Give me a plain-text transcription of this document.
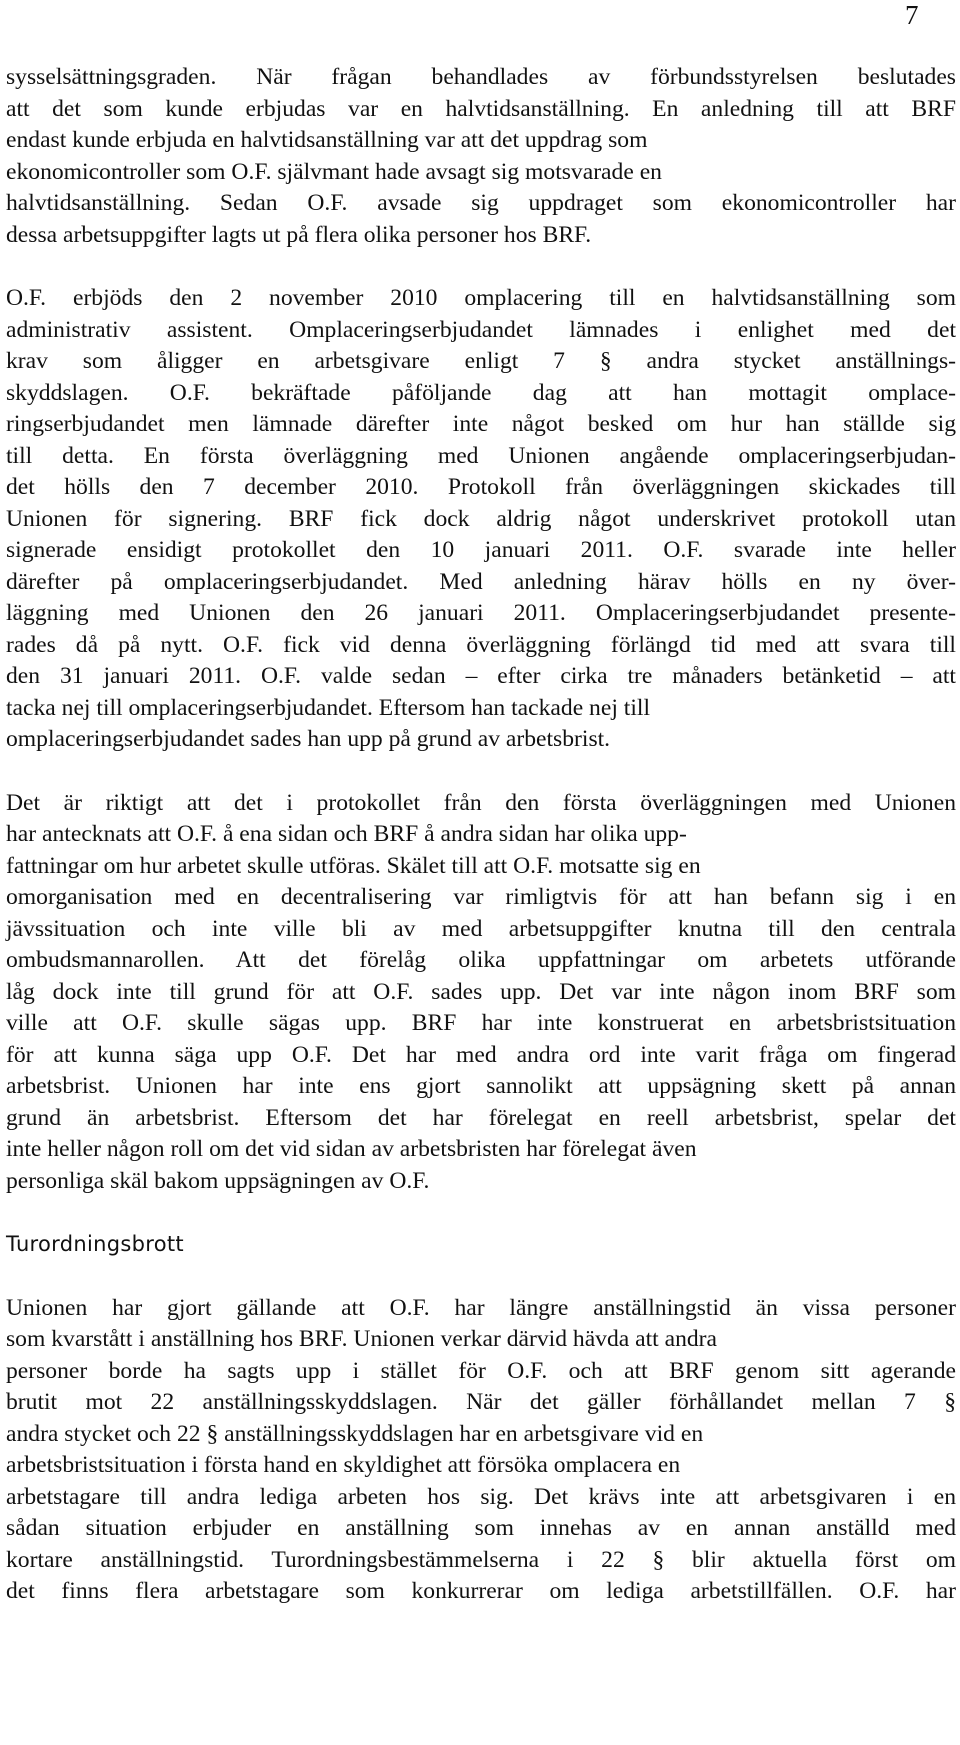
7
sysselsättningsgraden. När frågan behandlades av förbundsstyrelsen beslutades
att det som kunde erbjudas var en halvtidsanställning. En anledning till att BRF
endast kunde erbjuda en halvtidsanställning var att det uppdrag som
ekonomicontroller som O.F. självmant hade avsagt sig motsvarade en
halvtidsanställning. Sedan O.F. avsade sig uppdraget som ekonomicontroller har
dessa arbetsuppgifter lagts ut på flera olika personer hos BRF.
O.F. erbjöds den 2 november 2010 omplacering till en halvtidsanställning som
administrativ assistent. Omplaceringserbjudandet lämnades i enlighet med det
krav som åligger en arbetsgivare enligt 7 § andra stycket anställnings-
skyddslagen. O.F. bekräftade påföljande dag att han mottagit omplace-
ringserbjudandet men lämnade därefter inte något besked om hur han ställde sig
till detta. En första överläggning med Unionen angående omplaceringserbjudan-
det hölls den 7 december 2010. Protokoll från överläggningen skickades till
Unionen för signering. BRF fick dock aldrig något underskrivet protokoll utan
signerade ensidigt protokollet den 10 januari 2011. O.F. svarade inte heller
därefter på omplaceringserbjudandet. Med anledning härav hölls en ny över-
läggning med Unionen den 26 januari 2011. Omplaceringserbjudandet presente-
rades då på nytt. O.F. fick vid denna överläggning förlängd tid med att svara till
den 31 januari 2011. O.F. valde sedan – efter cirka tre månaders betänketid – att
tacka nej till omplaceringserbjudandet. Eftersom han tackade nej till
omplaceringserbjudandet sades han upp på grund av arbetsbrist.
Det är riktigt att det i protokollet från den första överläggningen med Unionen
har antecknats att O.F. å ena sidan och BRF å andra sidan har olika upp-
fattningar om hur arbetet skulle utföras. Skälet till att O.F. motsatte sig en
omorganisation med en decentralisering var rimligtvis för att han befann sig i en
jävssituation och inte ville bli av med arbetsuppgifter knutna till den centrala
ombudsmannarollen. Att det förelåg olika uppfattningar om arbetets utförande
låg dock inte till grund för att O.F. sades upp. Det var inte någon inom BRF som
ville att O.F. skulle sägas upp. BRF har inte konstruerat en arbetsbristsituation
för att kunna säga upp O.F. Det har med andra ord inte varit fråga om fingerad
arbetsbrist. Unionen har inte ens gjort sannolikt att uppsägning skett på annan
grund än arbetsbrist. Eftersom det har förelegat en reell arbetsbrist, spelar det
inte heller någon roll om det vid sidan av arbetsbristen har förelegat även
personliga skäl bakom uppsägningen av O.F.
Turordningsbrott
Unionen har gjort gällande att O.F. har längre anställningstid än vissa personer
som kvarstått i anställning hos BRF. Unionen verkar därvid hävda att andra
personer borde ha sagts upp i stället för O.F. och att BRF genom sitt agerande
brutit mot 22 anställningsskyddslagen. När det gäller förhållandet mellan 7 §
andra stycket och 22 § anställningsskyddslagen har en arbetsgivare vid en
arbetsbristsituation i första hand en skyldighet att försöka omplacera en
arbetstagare till andra lediga arbeten hos sig. Det krävs inte att arbetsgivaren i en
sådan situation erbjuder en anställning som innehas av en annan anställd med
kortare anställningstid. Turordningsbestämmelserna i 22 § blir aktuella först om
det finns flera arbetstagare som konkurrerar om lediga arbetstillfällen. O.F. har
